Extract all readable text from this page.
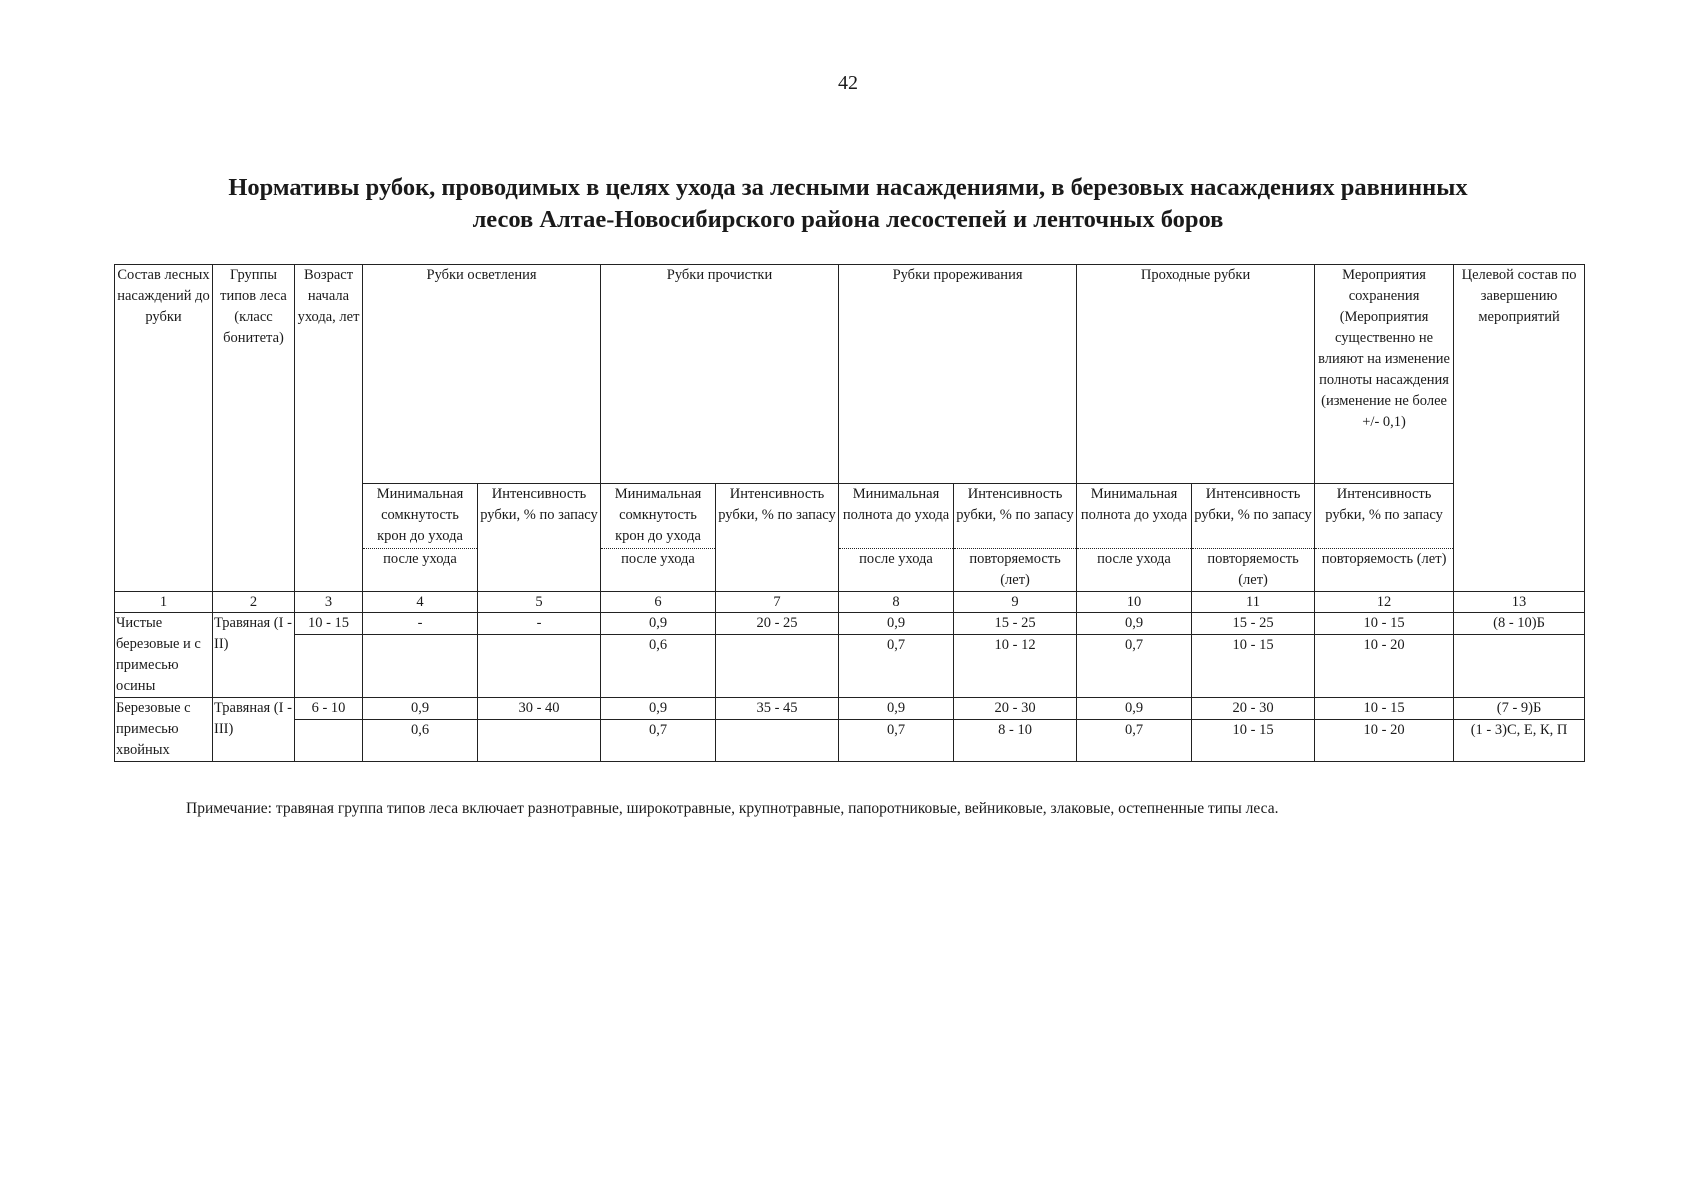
42
Нормативы рубок, проводимых в целях ухода за лесными насаждениями, в березовых насаждениях равнинных
лесов Алтае-Новосибирского района лесостепей и ленточных боров
Состав лесных насаждений до рубки	Группы типов леса (класс бонитета)	Возраст начала ухода, лет	Рубки осветления		Рубки прочистки		Рубки прореживания		Проходные рубки		Мероприятия сохранения (Мероприятия существенно не влияют на изменение полноты насаждения (изменение не более +/- 0,1)	Целевой состав по завершению мероприятий
			Минимальная сомкнутость крон до ухода	Интенсивность рубки, % по запасу	Минимальная сомкнутость крон до ухода	Интенсивность рубки, % по запасу	Минимальная полнота до ухода	Интенсивность рубки, % по запасу	Минимальная полнота до ухода	Интенсивность рубки, % по запасу	Интенсивность рубки, % по запасу	
			после ухода		после ухода		после ухода	повторяемость (лет)	после ухода	повторяемость (лет)	повторяемость (лет)	
1	2	3	4	5	6	7	8	9	10	11	12	13
Чистые березовые и с примесью осины	Травяная (I - II)	10 - 15	-	-	0,9	20 - 25	0,9	15 - 25	0,9	15 - 25	10 - 15	(8 - 10)Б
					0,6		0,7	10 - 12	0,7	10 - 15	10 - 20	
Березовые с примесью хвойных	Травяная (I - III)	6 - 10	0,9	30 - 40	0,9	35 - 45	0,9	20 - 30	0,9	20 - 30	10 - 15	(7 - 9)Б
			0,6		0,7		0,7	8 - 10	0,7	10 - 15	10 - 20	(1 - 3)С, Е, К, П
Примечание: травяная группа типов леса включает разнотравные, широкотравные, крупнотравные, папоротниковые, вейниковые, злаковые, остепненные типы леса.
